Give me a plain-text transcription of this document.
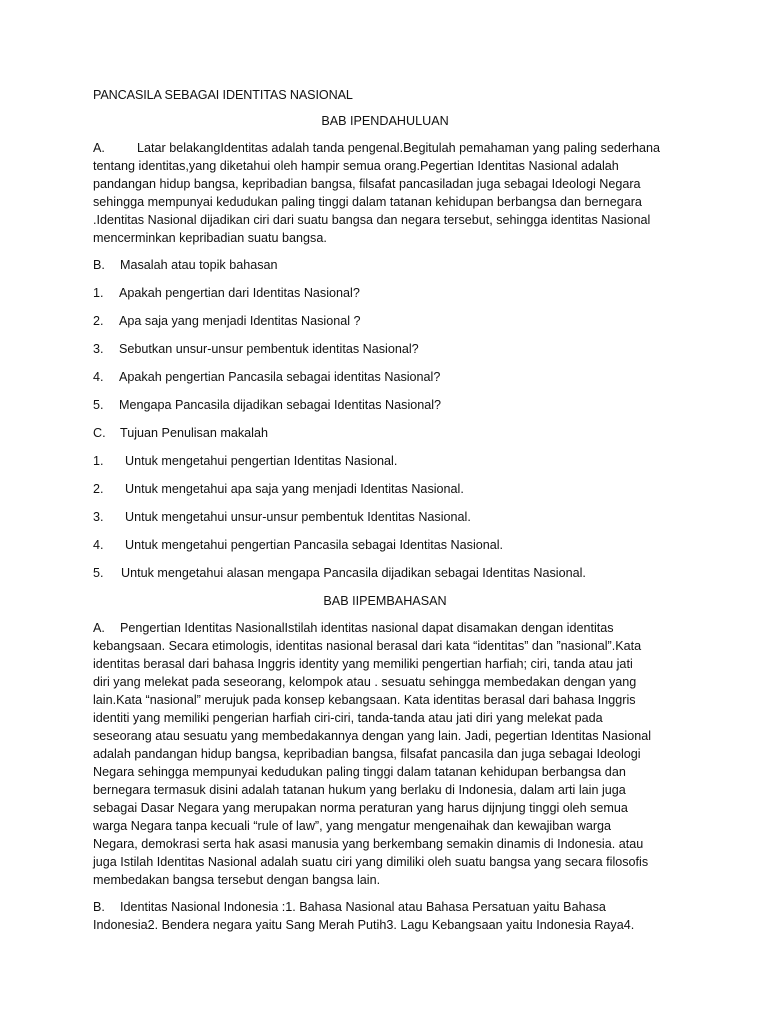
PANCASILA SEBAGAI IDENTITAS NASIONAL
BAB IPENDAHULUAN
A.	Latar belakangIdentitas adalah tanda pengenal.Begitulah pemahaman yang paling sederhana
tentang identitas,yang diketahui oleh hampir semua orang.Pegertian Identitas Nasional adalah
pandangan hidup bangsa, kepribadian bangsa, filsafat pancasiladan juga sebagai Ideologi Negara
sehingga mempunyai kedudukan paling tinggi dalam tatanan kehidupan berbangsa dan bernegara
.Identitas Nasional dijadikan ciri dari suatu bangsa dan negara tersebut, sehingga identitas Nasional
mencerminkan kepribadian suatu bangsa.
B. Masalah atau topik bahasan
1. Apakah pengertian dari Identitas Nasional?
2. Apa saja yang menjadi Identitas Nasional ?
3. Sebutkan unsur-unsur pembentuk identitas Nasional?
4. Apakah pengertian Pancasila sebagai identitas Nasional?
5. Mengapa Pancasila dijadikan sebagai Identitas Nasional?
C. Tujuan Penulisan makalah
1. Untuk mengetahui pengertian Identitas Nasional.
2. Untuk mengetahui apa saja yang menjadi Identitas Nasional.
3. Untuk mengetahui unsur-unsur pembentuk Identitas Nasional.
4. Untuk mengetahui pengertian Pancasila sebagai Identitas Nasional.
5. Untuk mengetahui alasan mengapa Pancasila dijadikan sebagai Identitas Nasional.
BAB IIPEMBAHASAN
A. Pengertian Identitas NasionalIstilah identitas nasional dapat disamakan dengan identitas
kebangsaan. Secara etimologis, identitas nasional berasal dari kata “identitas” dan ”nasional”.Kata
identitas berasal dari bahasa Inggris identity yang memiliki pengertian harfiah; ciri, tanda atau jati
diri yang melekat pada seseorang, kelompok atau . sesuatu sehingga membedakan dengan yang
lain.Kata “nasional” merujuk pada konsep kebangsaan. Kata identitas berasal dari bahasa Inggris
identiti yang memiliki pengerian harfiah ciri-ciri, tanda-tanda atau jati diri yang melekat pada
seseorang atau sesuatu yang membedakannya dengan yang lain. Jadi, pegertian Identitas Nasional
adalah pandangan hidup bangsa, kepribadian bangsa, filsafat pancasila dan juga sebagai Ideologi
Negara sehingga mempunyai kedudukan paling tinggi dalam tatanan kehidupan berbangsa dan
bernegara termasuk disini adalah tatanan hukum yang berlaku di Indonesia, dalam arti lain juga
sebagai Dasar Negara yang merupakan norma peraturan yang harus dijnjung tinggi oleh semua
warga Negara tanpa kecuali “rule of law”, yang mengatur mengenaihak dan kewajiban warga
Negara, demokrasi serta hak asasi manusia yang berkembang semakin dinamis di Indonesia. atau
juga Istilah Identitas Nasional adalah suatu ciri yang dimiliki oleh suatu bangsa yang secara filosofis
membedakan bangsa tersebut dengan bangsa lain.
B. Identitas Nasional Indonesia :1. Bahasa Nasional atau Bahasa Persatuan yaitu Bahasa
Indonesia2. Bendera negara yaitu Sang Merah Putih3. Lagu Kebangsaan yaitu Indonesia Raya4.
